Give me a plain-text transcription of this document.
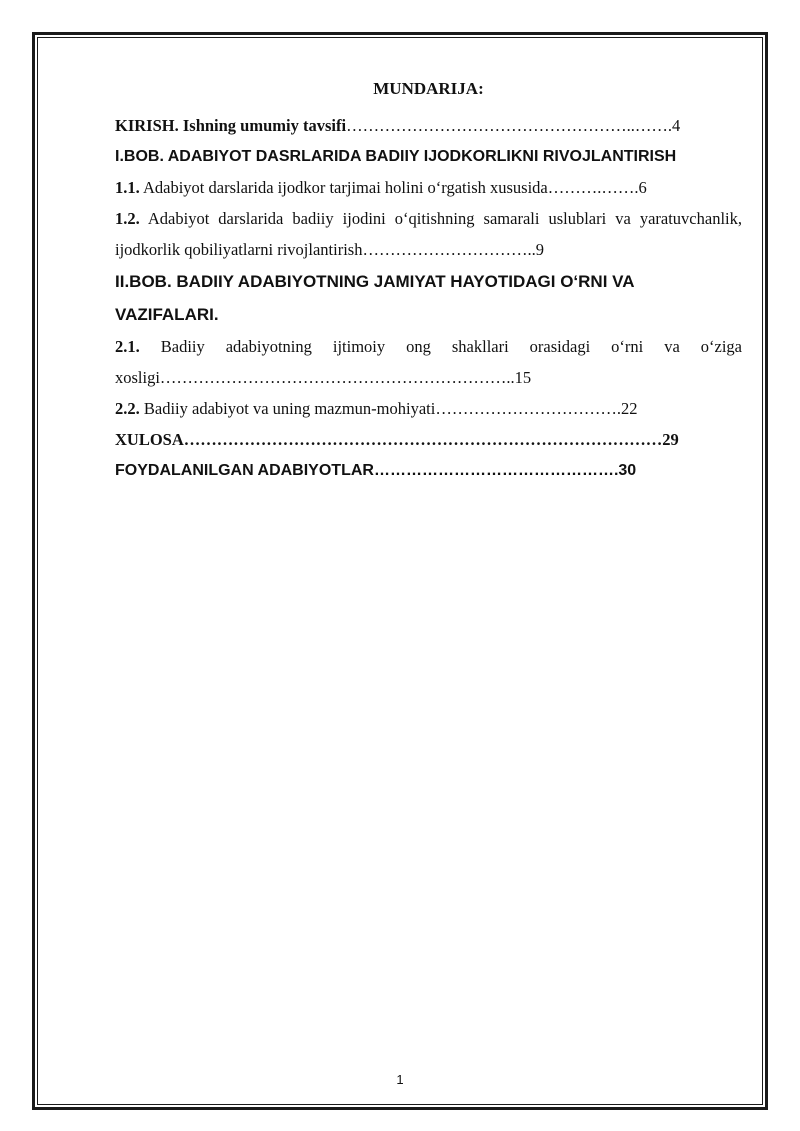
MUNDARIJA:

KIRISH. Ishning umumiy tavsifi……………………………………………..…….4

I.BOB. ADABIYOT DASRLARIDA BADIIY IJODKORLIKNI RIVOJLANTIRISH

1.1. Adabiyot darslarida ijodkor tarjimai holini o‘rgatish xususida……….…….6

1.2. Adabiyot darslarida badiiy ijodini o‘qitishning samarali uslublari va yaratuvchanlik, ijodkorlik qobiliyatlarni rivojlantirish…………………………..9

II.BOB. BADIIY ADABIYOTNING JAMIYAT HAYOTIDAGI O‘RNI VA VAZIFALARI.

2.1. Badiiy adabiyotning ijtimoiy ong shakllari orasidagi o‘rni va o‘ziga xosligi………………………………………………………..15

2.2. Badiiy adabiyot va uning mazmun-mohiyati…………………………….22

XULOSA……………………………………………………………………………29

FOYDALANILGAN ADABIYOTLAR……………………………………….30

1
